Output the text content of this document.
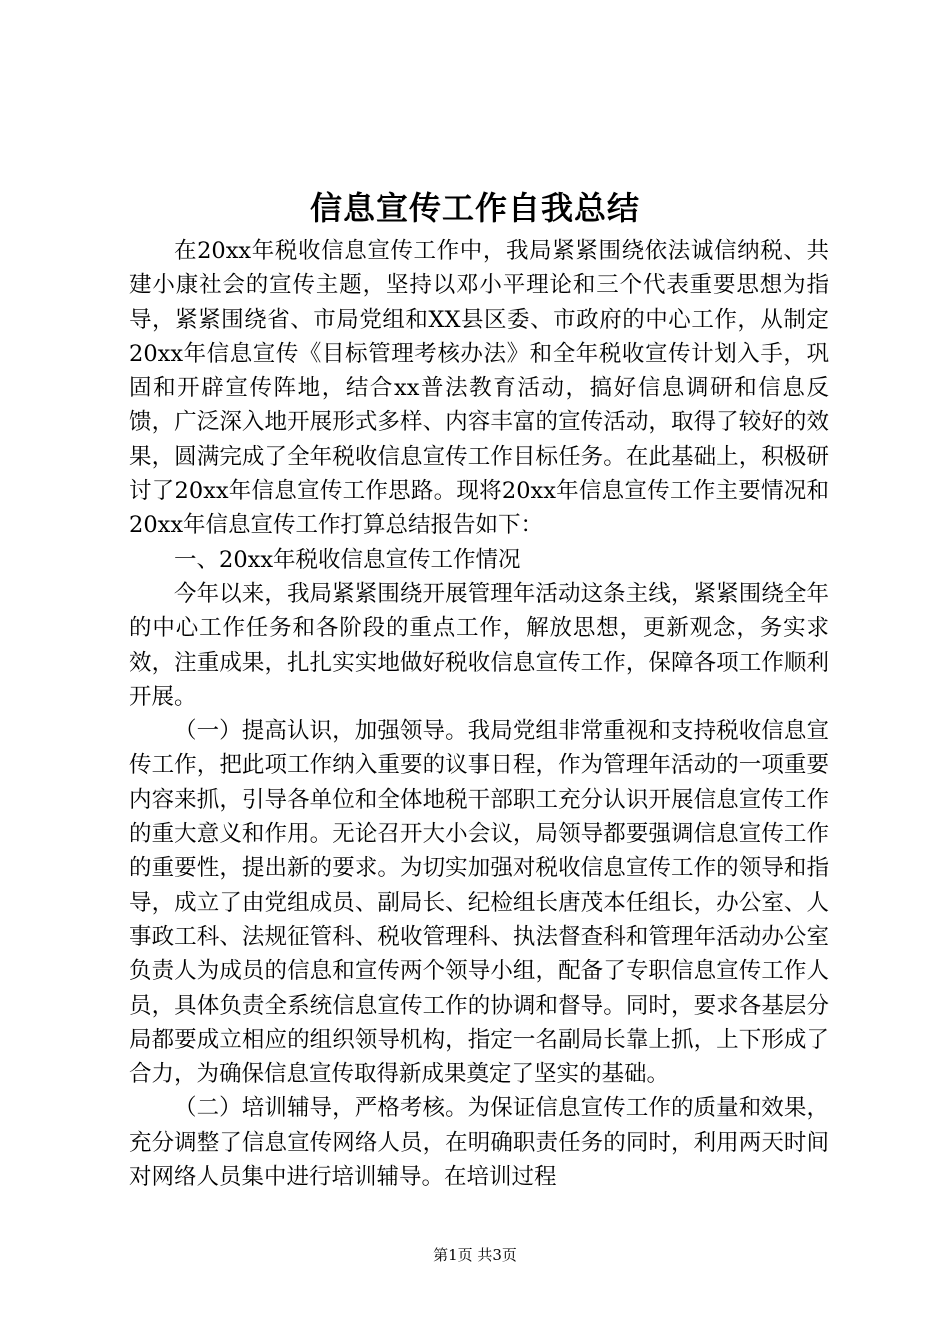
信息宣传工作自我总结

在20xx年税收信息宣传工作中，我局紧紧围绕依法诚信纳税、共建小康社会的宣传主题，坚持以邓小平理论和三个代表重要思想为指导，紧紧围绕省、市局党组和XX县区委、市政府的中心工作，从制定20xx年信息宣传《目标管理考核办法》和全年税收宣传计划入手，巩固和开辟宣传阵地，结合xx普法教育活动，搞好信息调研和信息反馈，广泛深入地开展形式多样、内容丰富的宣传活动，取得了较好的效果，圆满完成了全年税收信息宣传工作目标任务。在此基础上，积极研讨了20xx年信息宣传工作思路。现将20xx年信息宣传工作主要情况和20xx年信息宣传工作打算总结报告如下：

一、20xx年税收信息宣传工作情况

今年以来，我局紧紧围绕开展管理年活动这条主线，紧紧围绕全年的中心工作任务和各阶段的重点工作，解放思想，更新观念，务实求效，注重成果，扎扎实实地做好税收信息宣传工作，保障各项工作顺利开展。

（一）提高认识，加强领导。我局党组非常重视和支持税收信息宣传工作，把此项工作纳入重要的议事日程，作为管理年活动的一项重要内容来抓，引导各单位和全体地税干部职工充分认识开展信息宣传工作的重大意义和作用。无论召开大小会议，局领导都要强调信息宣传工作的重要性，提出新的要求。为切实加强对税收信息宣传工作的领导和指导，成立了由党组成员、副局长、纪检组长唐茂本任组长，办公室、人事政工科、法规征管科、税收管理科、执法督查科和管理年活动办公室负责人为成员的信息和宣传两个领导小组，配备了专职信息宣传工作人员，具体负责全系统信息宣传工作的协调和督导。同时，要求各基层分局都要成立相应的组织领导机构，指定一名副局长靠上抓，上下形成了合力，为确保信息宣传取得新成果奠定了坚实的基础。

（二）培训辅导，严格考核。为保证信息宣传工作的质量和效果，充分调整了信息宣传网络人员，在明确职责任务的同时，利用两天时间对网络人员集中进行培训辅导。在培训过程

第1页 共3页
